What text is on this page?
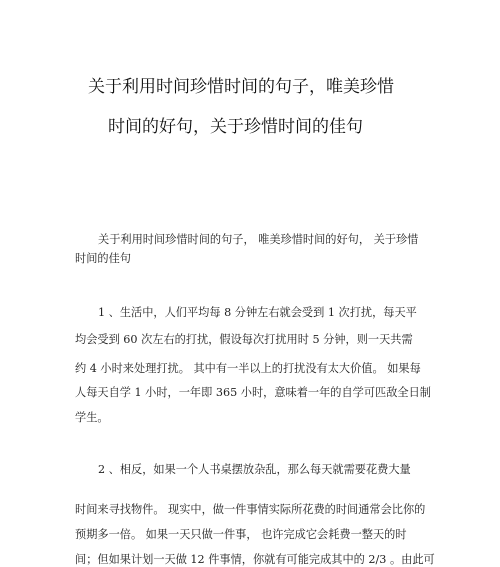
关于利用时间珍惜时间的句子，唯美珍惜
时间的好句，关于珍惜时间的佳句
关于利用时间珍惜时间的句子， 唯美珍惜时间的好句， 关于珍惜
时间的佳句
1 、生活中，人们平均每 8 分钟左右就会受到 1 次打扰，每天平
均会受到 60 次左右的打扰，假设每次打扰用时 5 分钟，则一天共需
约 4 小时来处理打扰。 其中有一半以上的打扰没有太大价值。 如果每
人每天自学 1 小时，一年即 365 小时，意味着一年的自学可匹敌全日制
学生。
2 、相反，如果一个人书桌摆放杂乱，那么每天就需要花费大量
时间来寻找物件。 现实中，做一件事情实际所花费的时间通常会比你的
预期多一倍。 如果一天只做一件事， 也许完成它会耗费一整天的时
间；但如果计划一天做 12 件事情，你就有可能完成其中的 2/3 。由此可
